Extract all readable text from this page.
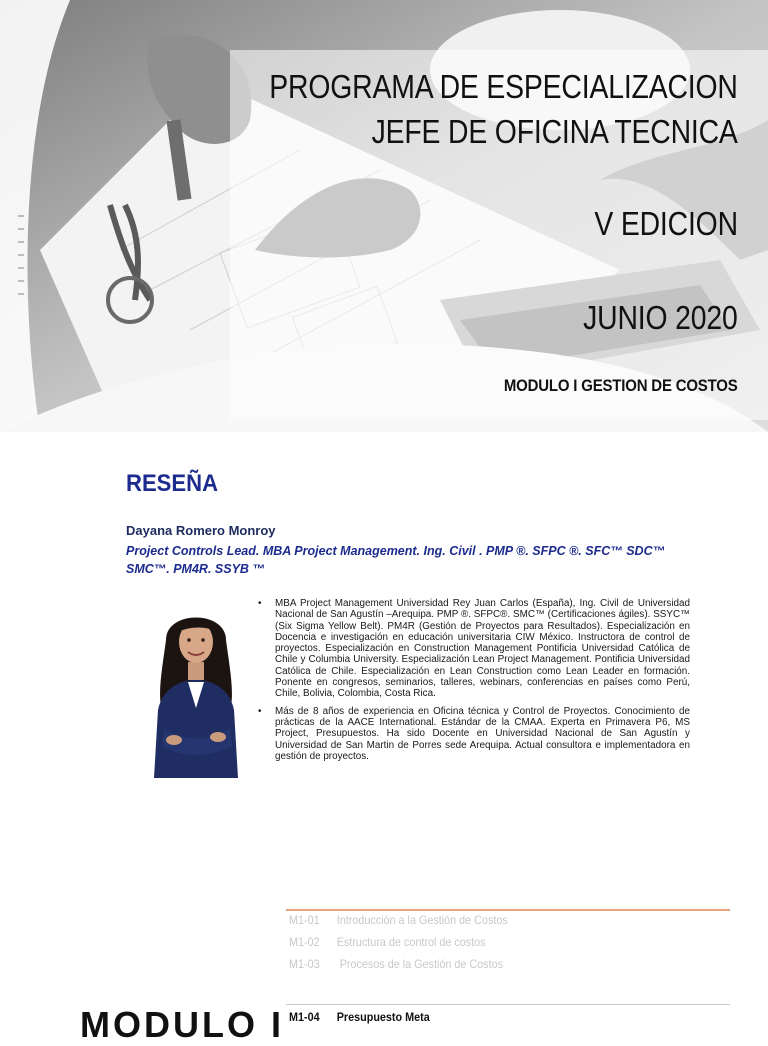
PROGRAMA DE ESPECIALIZACION
JEFE DE OFICINA TECNICA
V EDICION
JUNIO 2020
MODULO I GESTION DE COSTOS
RESEÑA
Dayana Romero Monroy
Project Controls Lead. MBA Project Management. Ing. Civil . PMP ®. SFPC ®. SFC™ SDC™ SMC™. PM4R. SSYB ™
• MBA Project Management Universidad Rey Juan Carlos (España), Ing. Civil de Universidad Nacional de San Agustín –Arequipa. PMP ®. SFPC®. SMC™ (Certificaciones ágiles). SSYC™ (Six Sigma Yellow Belt). PM4R (Gestión de Proyectos para Resultados). Especialización en Docencia e investigación en educación universitaria CIW México. Instructora de control de proyectos. Especialización en Construction Management Pontificia Universidad Católica de Chile y Columbia University. Especialización Lean Project Management. Pontificia Universidad Católica de Chile. Especialización en Lean Construction como Lean Leader en formación. Ponente en congresos, seminarios, talleres, webinars, conferencias en países como Perú, Chile, Bolivia, Colombia, Costa Rica.
• Más de 8 años de experiencia en Oficina técnica y Control de Proyectos. Conocimiento de prácticas de la AACE International. Estándar de la CMAA. Experta en Primavera P6, MS Project, Presupuestos. Ha sido Docente en Universidad Nacional de San Agustín y Universidad de San Martin de Porres sede Arequipa. Actual consultora e implementadora en gestión de proyectos.
M1-01 Introducción a la Gestión de Costos
M1-02 Estructura de control de costos
M1-03 Procesos de la Gestión de Costos
M1-04 Presupuesto Meta
MODULO I
